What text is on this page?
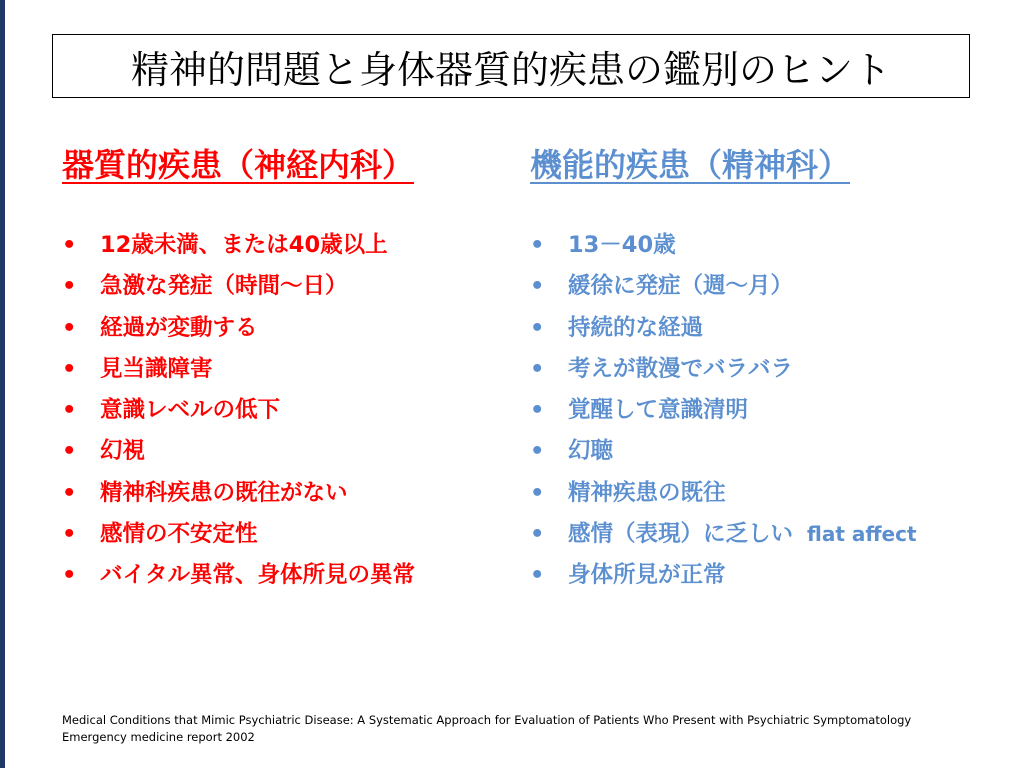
精神的問題と身体器質的疾患の鑑別のヒント
器質的疾患（神経内科）	機能的疾患（精神科）
• 12歳未満、または40歳以上
• 急激な発症（時間～日）
• 経過が変動する
• 見当識障害
• 意識レベルの低下
• 幻視
• 精神科疾患の既往がない
• 感情の不安定性
• バイタル異常、身体所見の異常
• 13－40歳
• 緩徐に発症（週～月）
• 持続的な経過
• 考えが散漫でバラバラ
• 覚醒して意識清明
• 幻聴
• 精神疾患の既往
• 感情（表現）に乏しい flat affect
• 身体所見が正常
Medical Conditions that Mimic Psychiatric Disease: A Systematic Approach for Evaluation of Patients Who Present with Psychiatric Symptomatology
Emergency medicine report 2002
